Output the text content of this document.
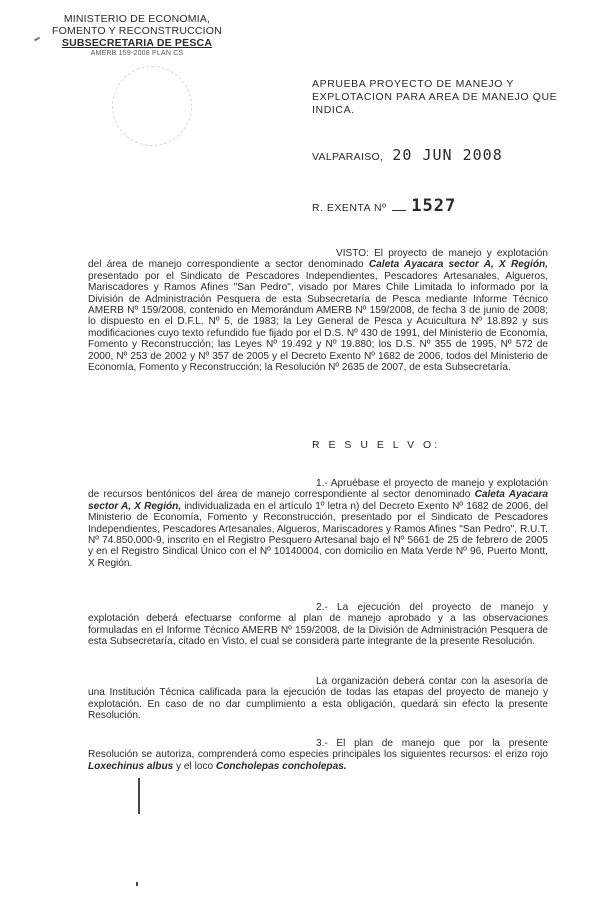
MINISTERIO DE ECONOMIA,
FOMENTO Y RECONSTRUCCION
SUBSECRETARIA DE PESCA
AMERB 159-2008 PLAN CS
APRUEBA PROYECTO DE MANEJO Y
EXPLOTACION PARA AREA DE MANEJO QUE
INDICA.
VALPARAISO, 20 JUN 2008
R. EXENTA Nº 1527
VISTO: El proyecto de manejo y explotación del área de manejo correspondiente a sector denominado Caleta Ayacara sector A, X Región, presentado por el Sindicato de Pescadores Independientes, Pescadores Artesanales, Algueros, Mariscadores y Ramos Afines "San Pedro", visado por Mares Chile Limitada lo informado por la División de Administración Pesquera de esta Subsecretaría de Pesca mediante Informe Técnico AMERB Nº 159/2008, contenido en Memorándum AMERB Nº 159/2008, de fecha 3 de junio de 2008; lo dispuesto en el D.F.L. Nº 5, de 1983; la Ley General de Pesca y Acuicultura Nº 18.892 y sus modificaciones cuyo texto refundido fue fijado por el D.S. Nº 430 de 1991, del Ministerio de Economía, Fomento y Reconstrucción; las Leyes Nº 19.492 y Nº 19.880; los D.S. Nº 355 de 1995, Nº 572 de 2000, Nº 253 de 2002 y Nº 357 de 2005 y el Decreto Exento Nº 1682 de 2006, todos del Ministerio de Economía, Fomento y Reconstrucción; la Resolución Nº 2635 de 2007, de esta Subsecretaría.
R E S U E L V O:
1.- Apruébase el proyecto de manejo y explotación de recursos bentónicos del área de manejo correspondiente al sector denominado Caleta Ayacara sector A, X Región, individualizada en el artículo 1º letra n) del Decreto Exento Nº 1682 de 2006, del Ministerio de Economía, Fomento y Reconstrucción, presentado por el Sindicato de Pescadores Independientes, Pescadores Artesanales, Algueros, Mariscadores y Ramos Afines "San Pedro", R.U.T. Nº 74.850.000-9, inscrito en el Registro Pesquero Artesanal bajo el Nº 5661 de 25 de febrero de 2005 y en el Registro Sindical Único con el Nº 10140004, con domicilio en Mata Verde Nº 96, Puerto Montt, X Región.
2.- La ejecución del proyecto de manejo y explotación deberá efectuarse conforme al plan de manejo aprobado y a las observaciones formuladas en el Informe Técnico AMERB Nº 159/2008, de la División de Administración Pesquera de esta Subsecretaría, citado en Visto, el cual se considera parte integrante de la presente Resolución.
La organización deberá contar con la asesoría de una Institución Técnica calificada para la ejecución de todas las etapas del proyecto de manejo y explotación. En caso de no dar cumplimiento a esta obligación, quedará sin efecto la presente Resolución.
3.- El plan de manejo que por la presente Resolución se autoriza, comprenderá como especies principales los siguientes recursos: el erizo rojo Loxechinus albus y el loco Concholepas concholepas.
